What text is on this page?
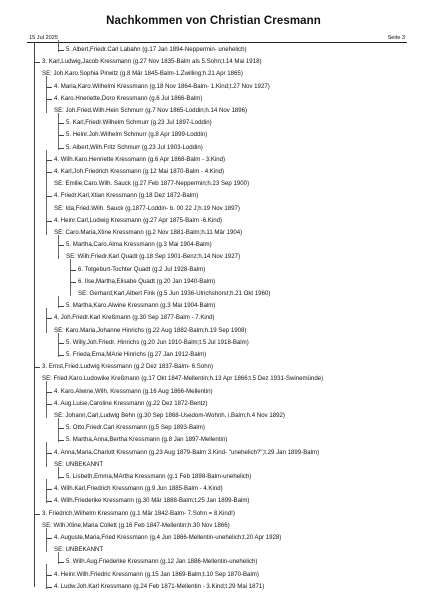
Nachkommen von Christian Cresmann
15 Jul 2025	Seite 3
5. Albert,Friedr.Carl Labahn (g.17 Jan 1894-Neppermin- unehelich)
3. Karl,Ludwig,Jacob Kressmann (g.27 Nov 1835-Balm als 5.Sohn;t.14 Mai 1918)
SE: Joh.Karo.Sophia Pirwitz (g.8 Mär 1845-Balm-1.Zwilling;h.21 Apr 1865)
4. Maria,Karo.Wilhelmi Kressmann (g.18 Nov 1864-Balm- 1.Kind;t.27 Nov 1927)
4. Karo.Hneriette,Doro Kressmann (g.6 Jul 1866-Balm)
SE: Joh.Fried.Wilh.Hein Schmurr (g.7 Nov 1865-Loddin;h.14 Nov 1896)
5. Karl,Friedr.Wilhelm Schmurr (g.23 Jul 1897-Loddin)
5. Heinr.Joh.Wilhelm Schmurr (g.8 Apr 1899-Loddin)
5. Albert,Wilh.Fritz Schmurr (g.23 Jul 1903-Loddin)
4. Wilh.Karo.Henriette Kressmann (g.6 Apr 1868-Balm - 3.Kind)
4. Karl,Joh.Friedrich Kressmann (g.12 Mai 1870-Balm - 4.Kind)
SE: Emilie,Caro.Wilh. Sauck (g.27 Feb 1877-Neppermin;h.23 Sep 1900)
4. Friedr.Karl,Xtian Kressmann (g.18 Dez 1872-Balm)
SE: Ida,Fried.Wilh. Sauck (g.1877-Loddin- b. 00 22 J;h.19 Nov 1897)
4. Heinr.Carl,Ludwig Kressmann (g.27 Apr 1875-Balm -6.Kind)
SE: Caro.Maria,Xtine Kressmann (g.2 Nov 1881-Balm;h.11 Mär 1904)
5. Martha,Caro.Alma Kressmann (g.3 Mai 1904-Balm)
SE: Wilh.Friedr.Karl Quadt (g.18 Sep 1901-Benz;h.14 Nov 1927)
6. Totgeburt-Tochter Quadt (g.2 Jul 1928-Balm)
6. Ilse,Martha,Elisabe Quadt (g.20 Jan 1940-Balm)
SE: Gerhard,Karl,Albert Fink (g.5 Jun 1936-Ulrichshorst;h.21 Okt 1960)
5. Martha,Karo.Alwine Kressmann (g.3 Mai 1904-Balm)
4. Joh.Friedr.Karl Kreßmann (g.30 Sep 1877-Balm - 7.Kind)
SE: Karo.Maria,Johanne Hinrichs (g.22 Aug 1882-Balm;h.19 Sep 1908)
5. Willy,Joh.Friedr. Hinrichs (g.20 Jun 1910-Balm;t.5 Jul 1918-Balm)
5. Frieda,Erna,MArie Hinrichs (g.27 Jan 1912-Balm)
3. Ernst,Fried.Ludwig Kressmann (g.2 Dez 1837-Balm- 6.Sohn)
SE: Fried.Karo.Ludowike Kreßmann (g.17 Okt 1847-Mellentin;h.13 Apr 1866;t.5 Dez 1931-Swinemünde)
4. Karo.Alwine,Wilh. Kressmann (g.16 Aug 1866-Mellentin)
4. Aug.Luise,Caroline Kressmann (g.22 Dez 1872-Bentz)
SE: Johann,Carl,Ludwig Behn (g.30 Sep 1868-Usedom-Wohnh. i.Balm;h.4 Nov 1892)
5. Otto,Friedr.Carl Kressmann (g.5 Sep 1893-Balm)
5. Martha,Anna,Bertha Kressmann (g.8 Jan 1897-Mellentin)
4. Anna,Maria,Charlott Kressmann (g.23 Aug 1879-Balm 3.Kind- "unehelich?";t.29 Jan 1899-Balm)
SE: UNBEKANNT
5. Lisbeth,Emma,MArtha Kressmann (g.1 Feb 1898-Balm-unehelich)
4. Wilh.Karl,Friedrich Kressmann (g.9 Jun 1885-Balm - 4.Kind)
4. Wilh.Friederike Kressmann (g.30 Mär 1888-Balm;t.25 Jan 1899-Balm)
3. Friedrich,Wilhelm Kressmann (g.1 Mär 1842-Balm- 7.Sohn = 8.Kind!)
SE: Wilh.Xtine,Maria Collett (g.16 Feb 1847-Mellentin;h.30 Nov 1866)
4. Auguste,Maria,Fried Kressmann (g.4 Jun 1866-Mellentin-unehelich;t.20 Apr 1928)
SE: UNBEKANNT
5. Wilh.Aug.Friederike Kressmann (g.12 Jan 1886-Mellentin-unehelich)
4. Heinr.Wilh.Friedric Kressmann (g.15 Jan 1869-Balm;t.10 Sep 1870-Balm)
4. Ludw.Joh.Karl Kressmann (g.24 Feb 1871-Mellentin - 3.Kind;t.29 Mai 1871)
